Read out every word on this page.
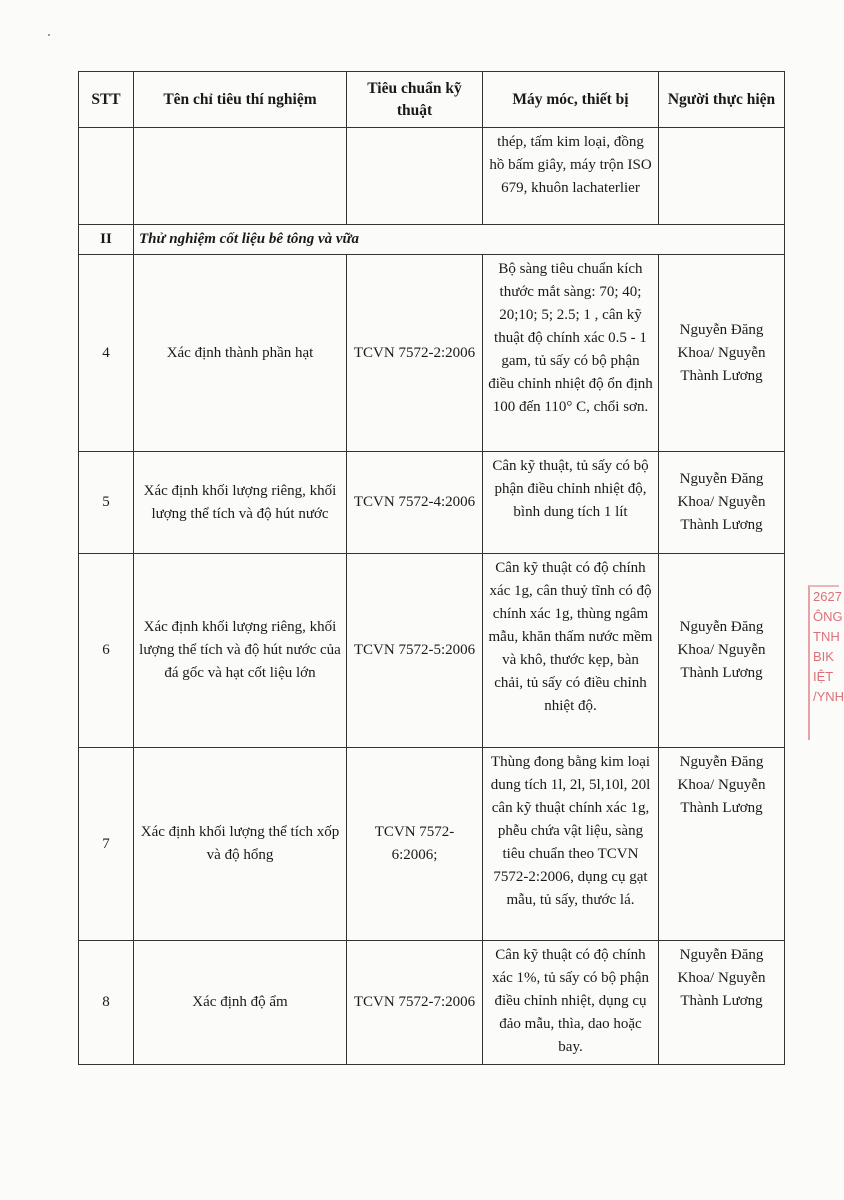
STT	Tên chỉ tiêu thí nghiệm	Tiêu chuẩn kỹ thuật	Máy móc, thiết bị	Người thực hiện
			thép, tấm kim loại, đồng hồ bấm giây, máy trộn ISO 679, khuôn lachaterlier	
II	Thử nghiệm cốt liệu bê tông và vữa			
4	Xác định thành phần hạt	TCVN 7572-2:2006	Bộ sàng tiêu chuẩn kích thước mắt sàng: 70; 40; 20;10; 5; 2.5; 1 , cân kỹ thuật độ chính xác 0.5 - 1 gam, tủ sấy có bộ phận điều chỉnh nhiệt độ ổn định 100 đến 110° C, chổi sơn.	Nguyễn Đăng Khoa/ Nguyễn Thành Lương
5	Xác định khối lượng riêng, khối lượng thể tích và độ hút nước	TCVN 7572-4:2006	Cân kỹ thuật, tủ sấy có bộ phận điều chỉnh nhiệt độ, bình dung tích 1 lít	Nguyễn Đăng Khoa/ Nguyễn Thành Lương
6	Xác định khối lượng riêng, khối lượng thể tích và độ hút nước của đá gốc và hạt cốt liệu lớn	TCVN 7572-5:2006	Cân kỹ thuật có độ chính xác 1g, cân thuỷ tĩnh có độ chính xác 1g, thùng ngâm mẫu, khăn thấm nước mềm và khô, thước kẹp, bàn chải, tủ sấy có điều chỉnh nhiệt độ.	Nguyễn Đăng Khoa/ Nguyễn Thành Lương
7	Xác định khối lượng thể tích xốp và độ hổng	TCVN 7572-6:2006;	Thùng đong bằng kim loại dung tích 1l, 2l, 5l,10l, 20l cân kỹ thuật chính xác 1g, phễu chứa vật liệu, sàng tiêu chuẩn theo TCVN 7572-2:2006, dụng cụ gạt mẫu, tủ sấy, thước lá.	Nguyễn Đăng Khoa/ Nguyễn Thành Lương
8	Xác định độ ẩm	TCVN 7572-7:2006	Cân kỹ thuật có độ chính xác 1%, tủ sấy có bộ phận điều chỉnh nhiệt, dụng cụ đảo mẫu, thìa, dao hoặc bay.	Nguyễn Đăng Khoa/ Nguyễn Thành Lương
2627
ÔNG
TNH
BIK
IỆT
/YNH
